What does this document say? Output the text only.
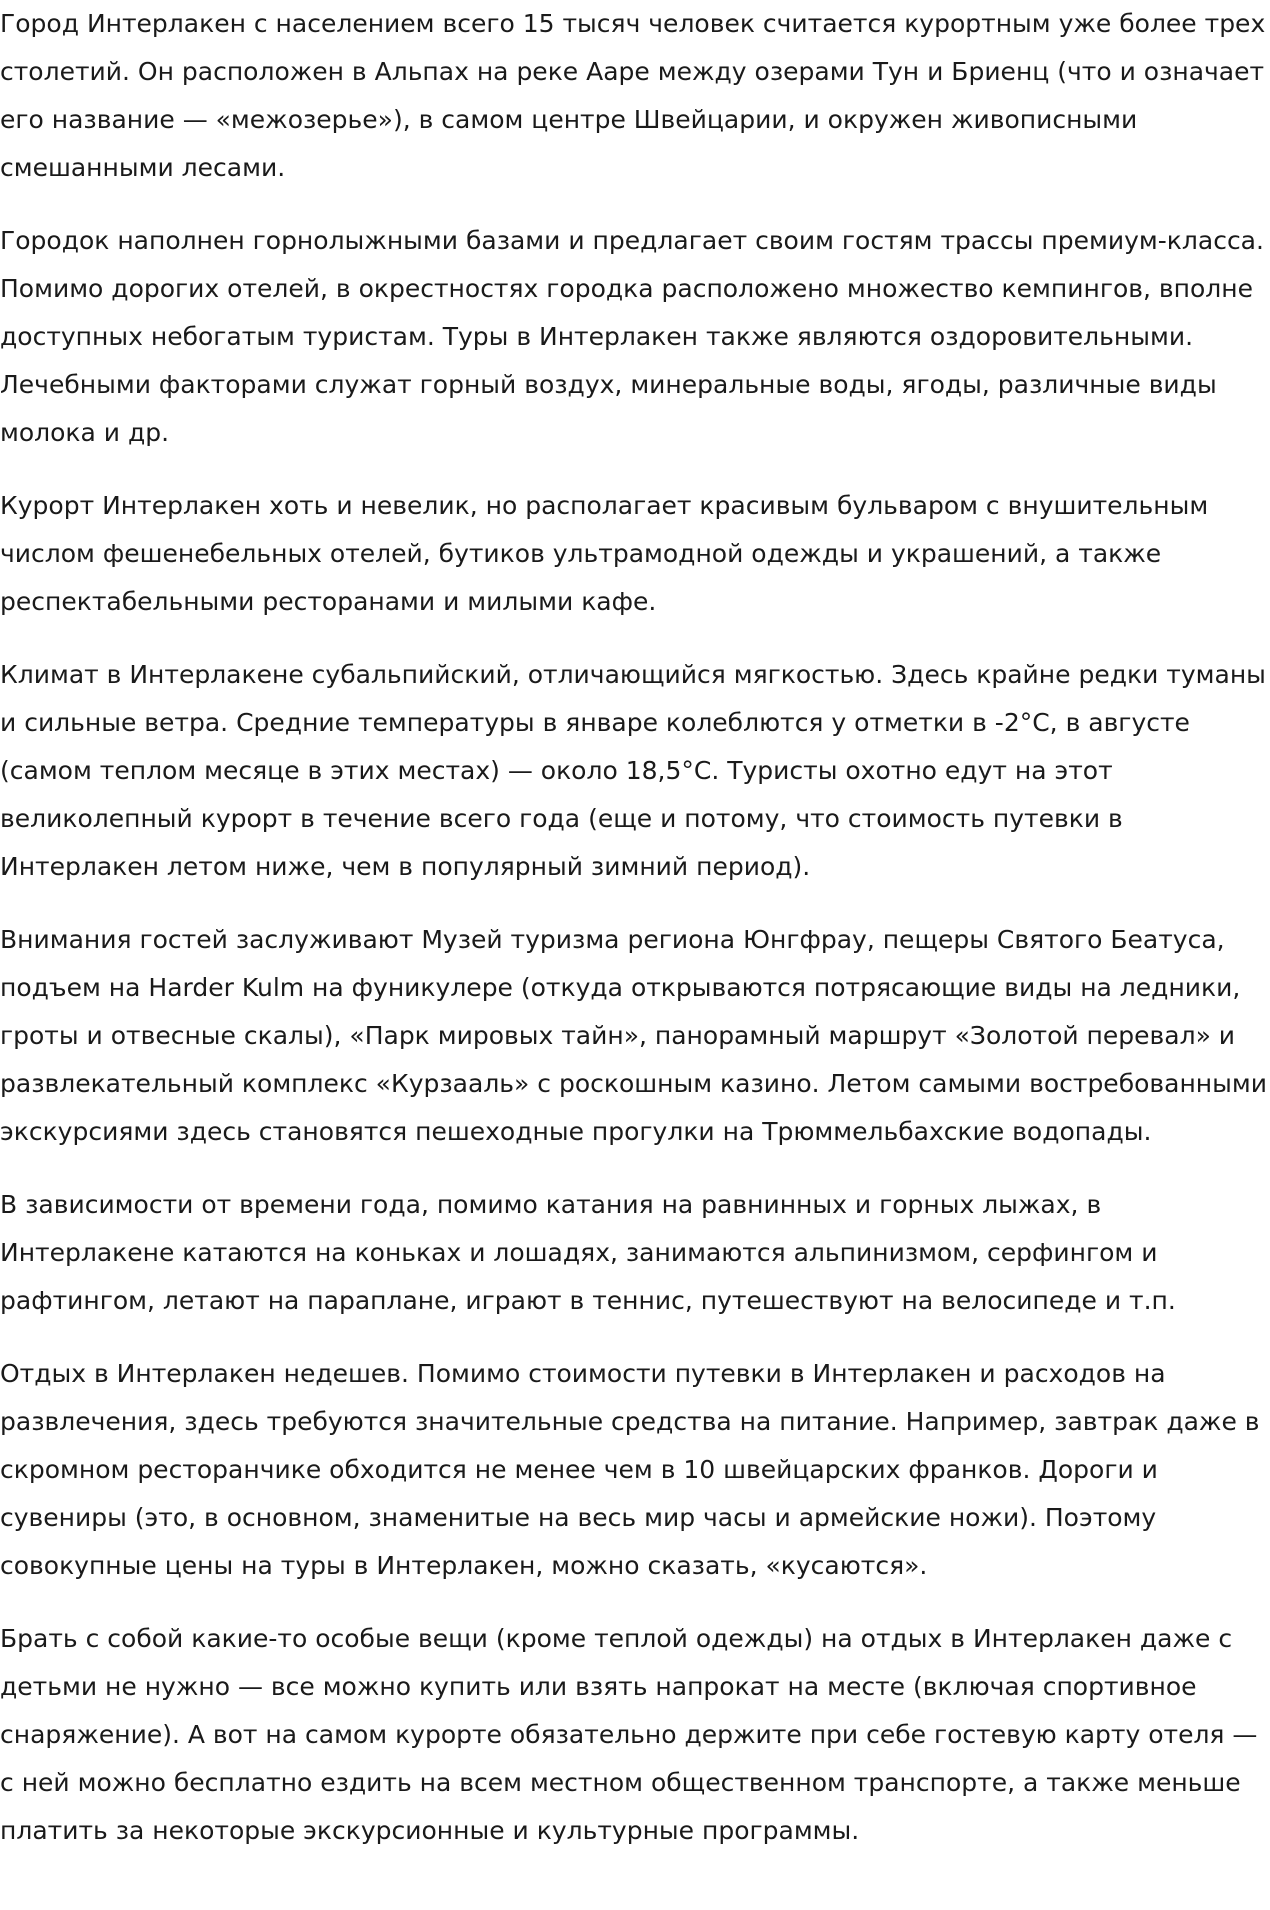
Город Интерлакен с населением всего 15 тысяч человек считается курортным уже более трех столетий. Он расположен в Альпах на реке Ааре между озерами Тун и Бриенц (что и означает его название — «межозерье»), в самом центре Швейцарии, и окружен живописными смешанными лесами.

Городок наполнен горнолыжными базами и предлагает своим гостям трассы премиум-класса. Помимо дорогих отелей, в окрестностях городка расположено множество кемпингов, вполне доступных небогатым туристам. Туры в Интерлакен также являются оздоровительными. Лечебными факторами служат горный воздух, минеральные воды, ягоды, различные виды молока и др.

Курорт Интерлакен хоть и невелик, но располагает красивым бульваром с внушительным числом фешенебельных отелей, бутиков ультрамодной одежды и украшений, а также респектабельными ресторанами и милыми кафе.

Климат в Интерлакене субальпийский, отличающийся мягкостью. Здесь крайне редки туманы и сильные ветра. Средние температуры в январе колеблются у отметки в -2°С, в августе (самом теплом месяце в этих местах) — около 18,5°С. Туристы охотно едут на этот великолепный курорт в течение всего года (еще и потому, что стоимость путевки в Интерлакен летом ниже, чем в популярный зимний период).

Внимания гостей заслуживают Музей туризма региона Юнгфрау, пещеры Святого Беатуса, подъем на Harder Kulm на фуникулере (откуда открываются потрясающие виды на ледники, гроты и отвесные скалы), «Парк мировых тайн», панорамный маршрут «Золотой перевал» и развлекательный комплекс «Курзааль» с роскошным казино. Летом самыми востребованными экскурсиями здесь становятся пешеходные прогулки на Трюммельбахские водопады.

В зависимости от времени года, помимо катания на равнинных и горных лыжах, в Интерлакене катаются на коньках и лошадях, занимаются альпинизмом, серфингом и рафтингом, летают на параплане, играют в теннис, путешествуют на велосипеде и т.п.

Отдых в Интерлакен недешев. Помимо стоимости путевки в Интерлакен и расходов на развлечения, здесь требуются значительные средства на питание. Например, завтрак даже в скромном ресторанчике обходится не менее чем в 10 швейцарских франков. Дороги и сувениры (это, в основном, знаменитые на весь мир часы и армейские ножи). Поэтому совокупные цены на туры в Интерлакен, можно сказать, «кусаются».

Брать с собой какие-то особые вещи (кроме теплой одежды) на отдых в Интерлакен даже с детьми не нужно — все можно купить или взять напрокат на месте (включая спортивное снаряжение). А вот на самом курорте обязательно держите при себе гостевую карту отеля — с ней можно бесплатно ездить на всем местном общественном транспорте, а также меньше платить за некоторые экскурсионные и культурные программы.
